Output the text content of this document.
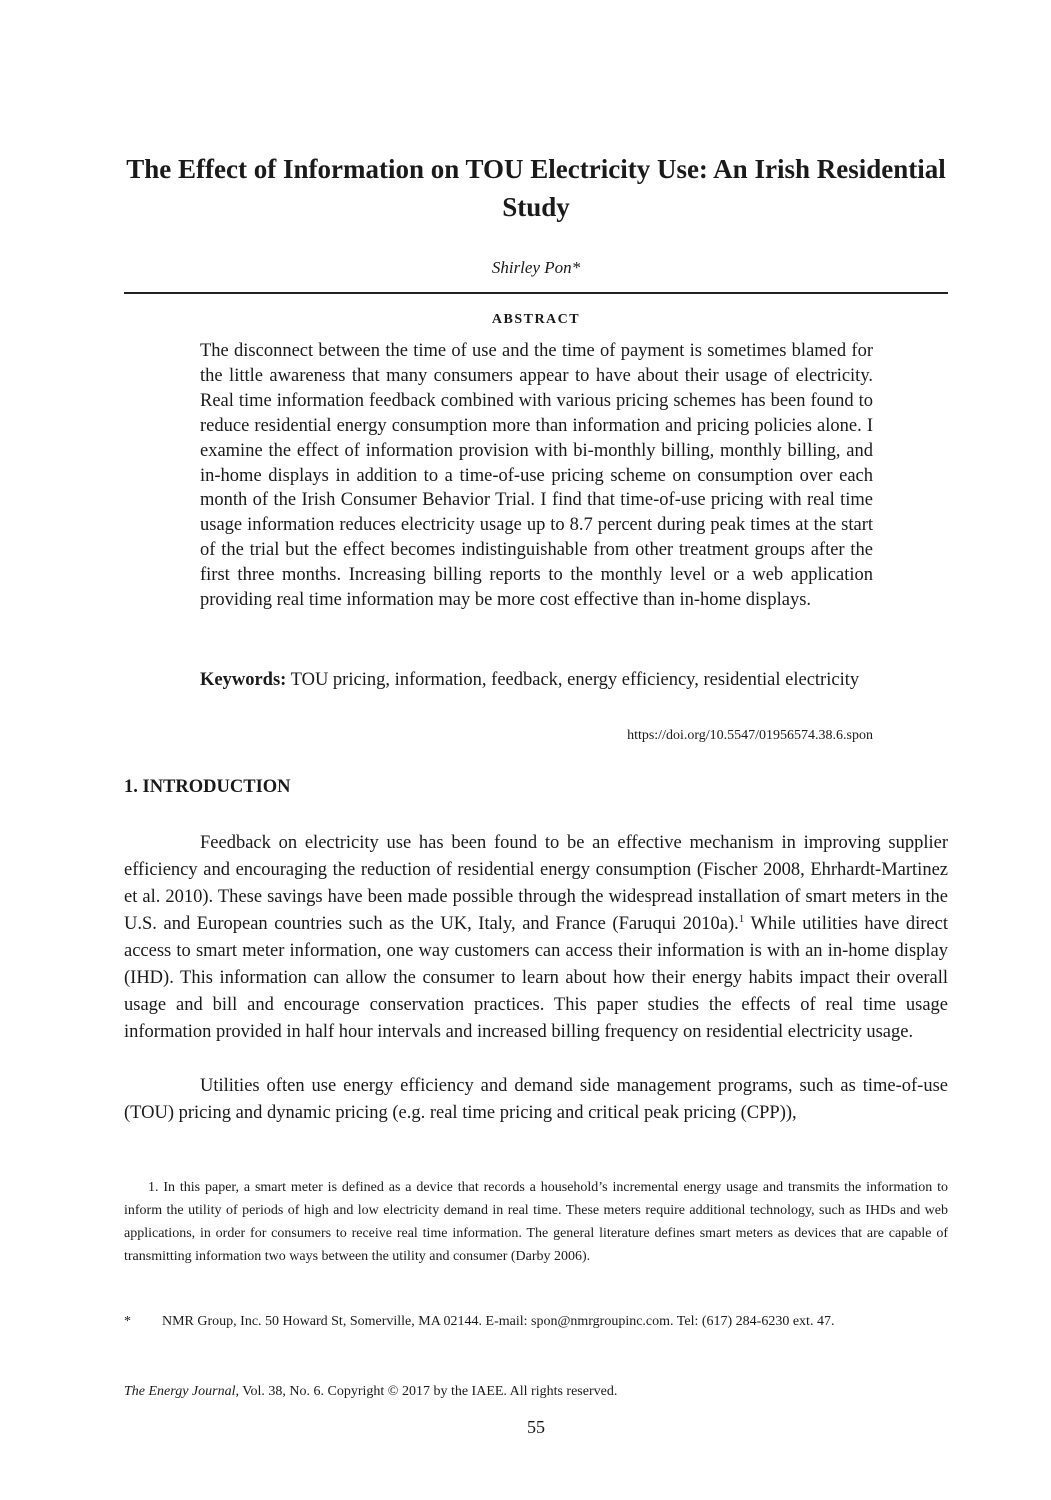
The Effect of Information on TOU Electricity Use: An Irish Residential Study
Shirley Pon*
ABSTRACT
The disconnect between the time of use and the time of payment is sometimes blamed for the little awareness that many consumers appear to have about their usage of electricity. Real time information feedback combined with various pricing schemes has been found to reduce residential energy consumption more than information and pricing policies alone. I examine the effect of information provision with bi-monthly billing, monthly billing, and in-home displays in addition to a time-of-use pricing scheme on consumption over each month of the Irish Consumer Behavior Trial. I find that time-of-use pricing with real time usage information reduces electricity usage up to 8.7 percent during peak times at the start of the trial but the effect becomes indistinguishable from other treatment groups after the first three months. Increasing billing reports to the monthly level or a web application providing real time information may be more cost effective than in-home displays.
Keywords: TOU pricing, information, feedback, energy efficiency, residential electricity
https://doi.org/10.5547/01956574.38.6.spon
1. INTRODUCTION
Feedback on electricity use has been found to be an effective mechanism in improving supplier efficiency and encouraging the reduction of residential energy consumption (Fischer 2008, Ehrhardt-Martinez et al. 2010). These savings have been made possible through the widespread installation of smart meters in the U.S. and European countries such as the UK, Italy, and France (Faruqui 2010a).$^1$ While utilities have direct access to smart meter information, one way customers can access their information is with an in-home display (IHD). This information can allow the consumer to learn about how their energy habits impact their overall usage and bill and encourage conservation practices. This paper studies the effects of real time usage information provided in half hour intervals and increased billing frequency on residential electricity usage.
Utilities often use energy efficiency and demand side management programs, such as time-of-use (TOU) pricing and dynamic pricing (e.g. real time pricing and critical peak pricing (CPP)),
1. In this paper, a smart meter is defined as a device that records a household’s incremental energy usage and transmits the information to inform the utility of periods of high and low electricity demand in real time. These meters require additional technology, such as IHDs and web applications, in order for consumers to receive real time information. The general literature defines smart meters as devices that are capable of transmitting information two ways between the utility and consumer (Darby 2006).
* NMR Group, Inc. 50 Howard St, Somerville, MA 02144. E-mail: spon@nmrgroupinc.com. Tel: (617) 284-6230 ext. 47.
The Energy Journal, Vol. 38, No. 6. Copyright © 2017 by the IAEE. All rights reserved.
55
